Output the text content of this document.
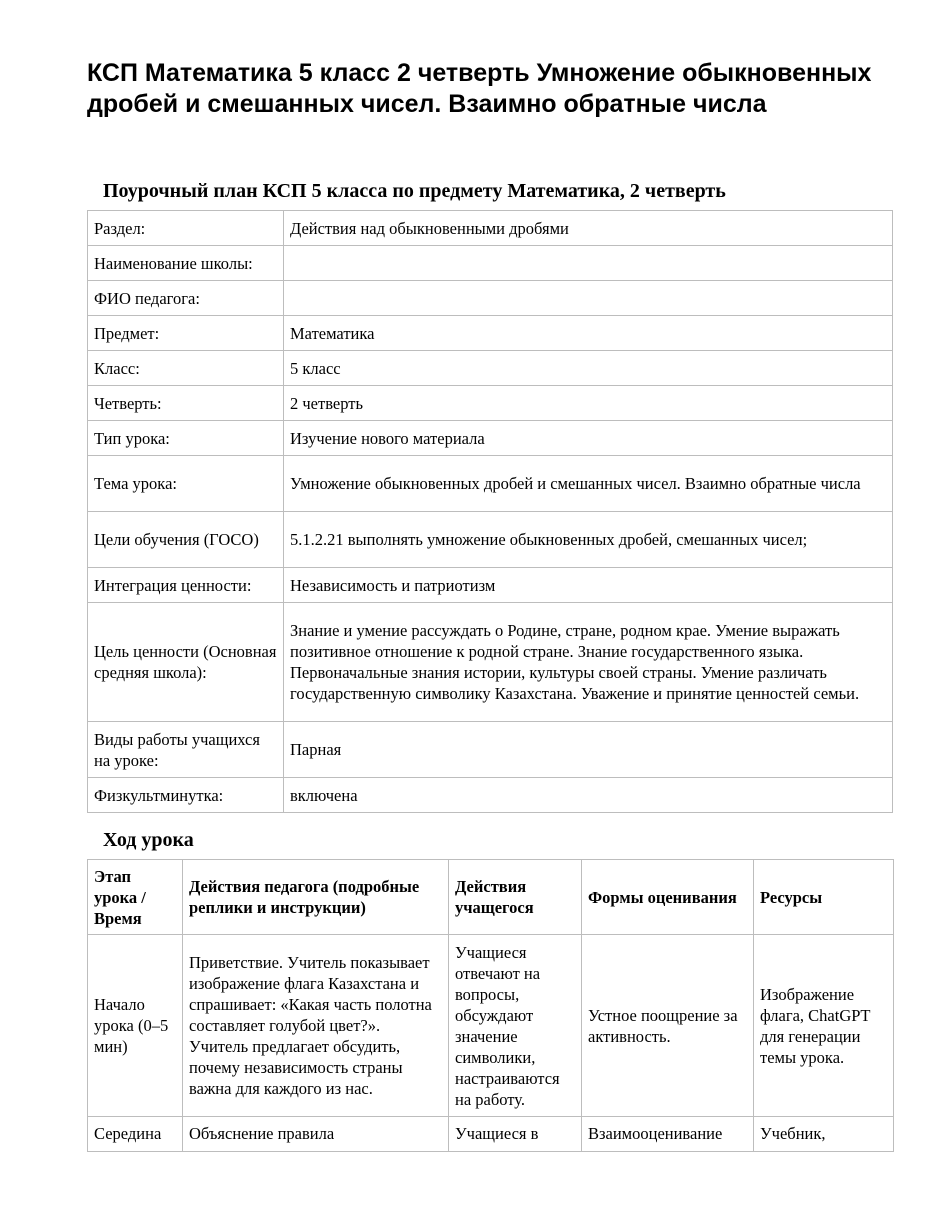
КСП Математика 5 класс 2 четверть Умножение обыкновенных дробей и смешанных чисел. Взаимно обратные числа
Поурочный план КСП 5 класса по предмету Математика, 2 четверть
Раздел:	Действия над обыкновенными дробями
Наименование школы:	
ФИО педагога:	
Предмет:	Математика
Класс:	5 класс
Четверть:	2 четверть
Тип урока:	Изучение нового материала
Тема урока:	Умножение обыкновенных дробей и смешанных чисел. Взаимно обратные числа
Цели обучения (ГОСО)	5.1.2.21 выполнять умножение обыкновенных дробей, смешанных чисел;
Интеграция ценности:	Независимость и патриотизм
Цель ценности (Основная средняя школа):	Знание и умение рассуждать о Родине, стране, родном крае. Умение выражать позитивное отношение к родной стране. Знание государственного языка. Первоначальные знания истории, культуры своей страны. Умение различать государственную символику Казахстана. Уважение и принятие ценностей семьи.
Виды работы учащихся на уроке:	Парная
Физкультминутка:	включена
Ход урока
Этап урока / Время	Действия педагога (подробные реплики и инструкции)	Действия учащегося	Формы оценивания	Ресурсы
Начало урока (0–5 мин)	Приветствие. Учитель показывает изображение флага Казахстана и спрашивает: «Какая часть полотна составляет голубой цвет?». Учитель предлагает обсудить, почему независимость страны важна для каждого из нас.	Учащиеся отвечают на вопросы, обсуждают значение символики, настраиваются на работу.	Устное поощрение за активность.	Изображение флага, ChatGPT для генерации темы урока.
Середина	Объяснение правила	Учащиеся в	Взаимооценивание	Учебник,
